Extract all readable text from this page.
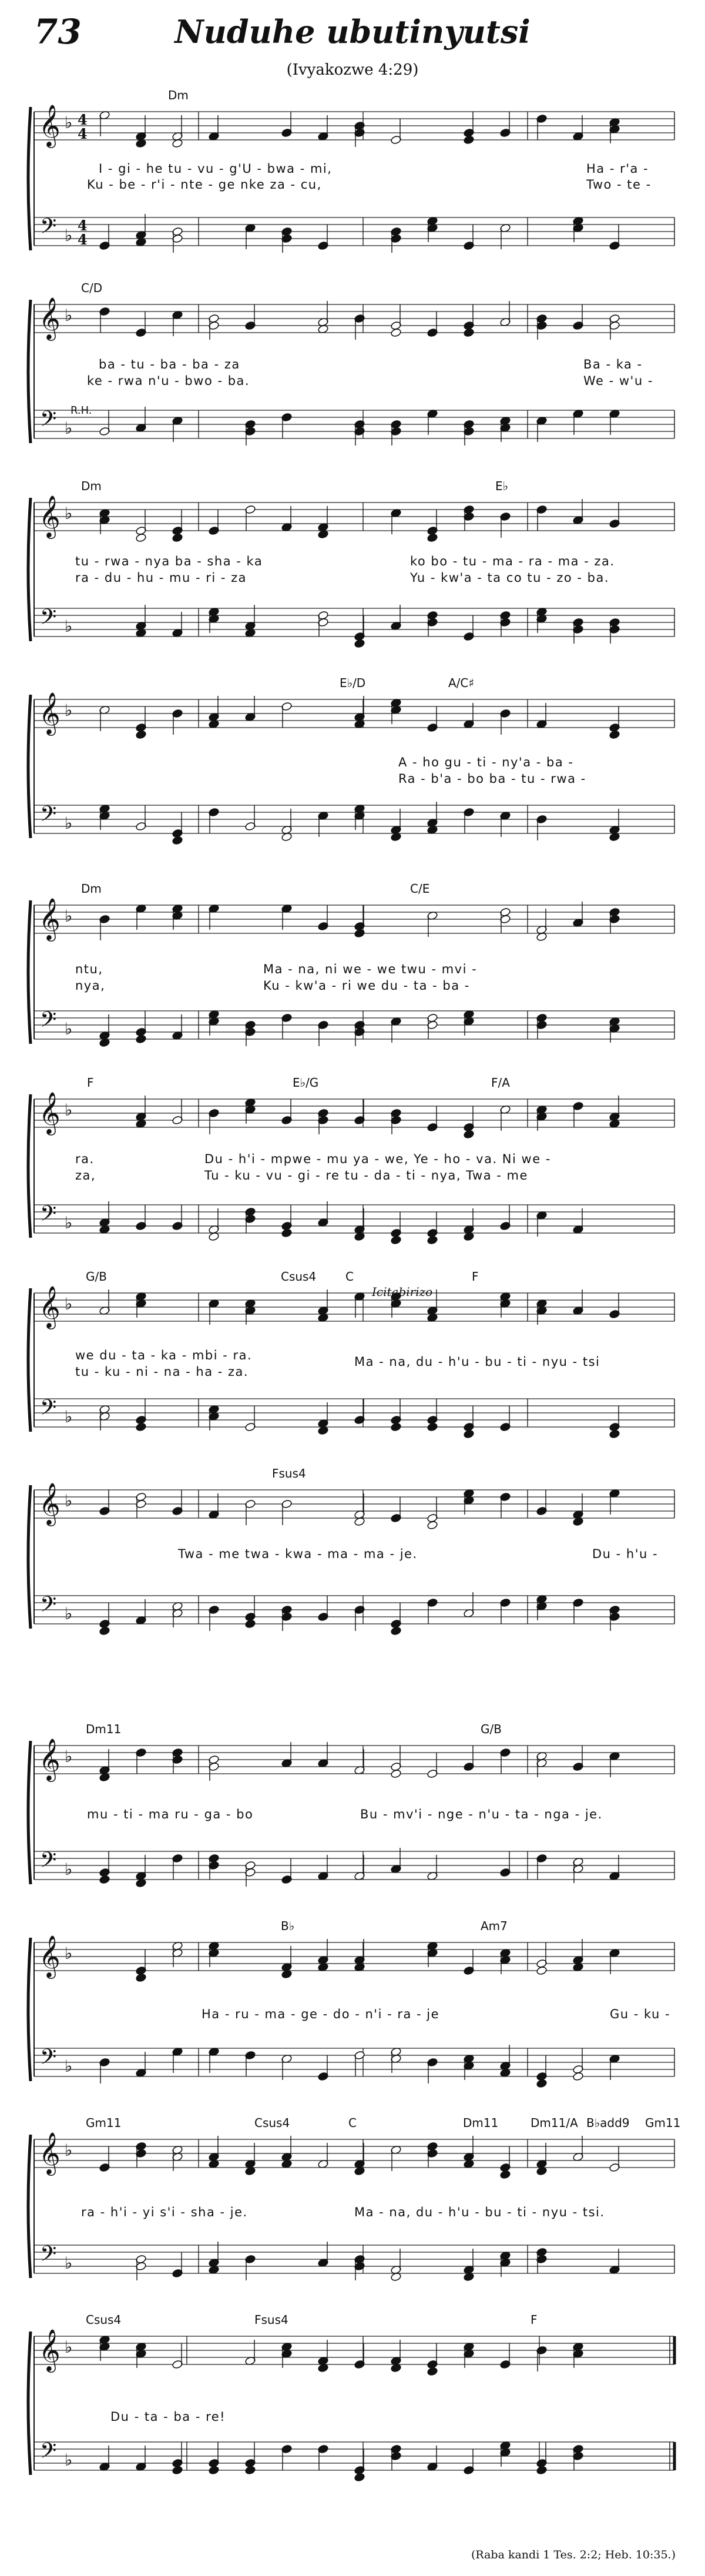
73	Nuduhe ubutinyutsi
(Ivyakozwe 4:29)
𝄞
𝄢
♭
♭
4
4
4
4
Dm
I - gi - he tu - vu - g'U - bwa - mi,	Ha - r'a -
Ku - be - r'i - nte - ge nke za - cu,	Two - te -
𝄞
𝄢
♭
♭
C/D
R.H.
ba - tu - ba - ba - za	Ba - ka -
ke - rwa n'u - bwo - ba.	We - w'u -
𝄞
𝄢
♭
♭
Dm	E♭
tu - rwa - nya ba - sha - ka	ko bo - tu - ma - ra - ma - za.
ra - du - hu - mu - ri - za	Yu - kw'a - ta co tu - zo - ba.
𝄞
𝄢
♭
♭
E♭/D	A/C♯
A - ho gu - ti - ny'a - ba -
Ra - b'a - bo ba - tu - rwa -
𝄞
𝄢
♭
♭
Dm	C/E
ntu,	Ma - na, ni we - we twu - mvi -
nya,	Ku - kw'a - ri we du - ta - ba -
𝄞
𝄢
♭
♭
F	E♭/G	F/A
ra.	Du - h'i - mpwe - mu ya - we, Ye - ho - va. Ni we -
za,	Tu - ku - vu - gi - re tu - da - ti - nya, Twa - me
𝄞
𝄢
♭
♭
G/B	Csus4 C
Icitabirizo
F
we du - ta - ka - mbi - ra.	Ma - na, du - h'u - bu - ti - nyu - tsi
tu - ku - ni - na - ha - za.
𝄞
𝄢
♭
♭
Fsus4
Twa - me twa - kwa - ma - ma - je.	Du - h'u -
𝄞
𝄢
♭
♭
Dm11	G/B
mu - ti - ma ru - ga - bo	Bu - mv'i - nge - n'u - ta - nga - je.
𝄞
𝄢
♭
♭
B♭	Am7
Ha - ru - ma - ge - do - n'i - ra - je	Gu - ku -
𝄞
𝄢
♭
♭
Gm11	Csus4	C	Dm11	Dm11/A B♭add9 Gm11
ra - h'i - yi s'i - sha - je.	Ma - na, du - h'u - bu - ti - nyu - tsi.
𝄞
𝄢
♭
♭
Csus4	Fsus4	F
Du - ta - ba - re!
(Raba kandi 1 Tes. 2:2; Heb. 10:35.)
